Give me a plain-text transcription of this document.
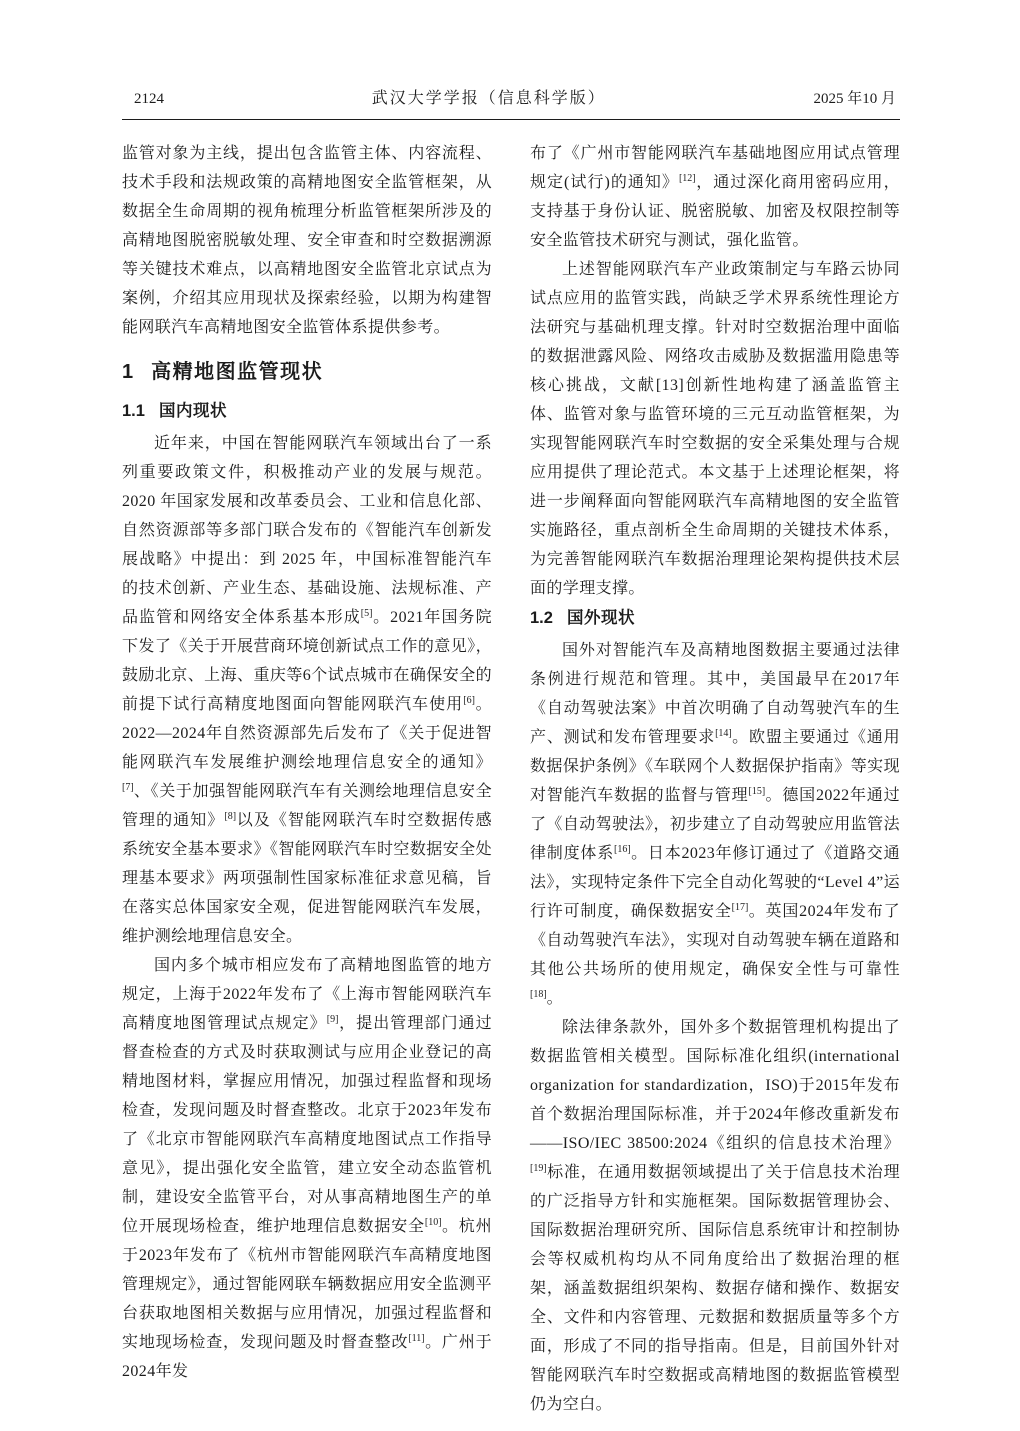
2124	武汉大学学报（信息科学版）	2025 年10 月

监管对象为主线，提出包含监管主体、内容流程、技术手段和法规政策的高精地图安全监管框架，从数据全生命周期的视角梳理分析监管框架所涉及的高精地图脱密脱敏处理、安全审查和时空数据溯源等关键技术难点，以高精地图安全监管北京试点为案例，介绍其应用现状及探索经验，以期为构建智能网联汽车高精地图安全监管体系提供参考。

1 高精地图监管现状
1.1 国内现状

近年来，中国在智能网联汽车领域出台了一系列重要政策文件，积极推动产业的发展与规范。2020 年国家发展和改革委员会、工业和信息化部、自然资源部等多部门联合发布的《智能汽车创新发展战略》中提出：到 2025 年，中国标准智能汽车的技术创新、产业生态、基础设施、法规标准、产品监管和网络安全体系基本形成[5]。2021年国务院下发了《关于开展营商环境创新试点工作的意见》，鼓励北京、上海、重庆等6个试点城市在确保安全的前提下试行高精度地图面向智能网联汽车使用[6]。2022—2024年自然资源部先后发布了《关于促进智能网联汽车发展维护测绘地理信息安全的通知》[7]、《关于加强智能网联汽车有关测绘地理信息安全管理的通知》[8]以及《智能网联汽车时空数据传感系统安全基本要求》《智能网联汽车时空数据安全处理基本要求》两项强制性国家标准征求意见稿，旨在落实总体国家安全观，促进智能网联汽车发展，维护测绘地理信息安全。

国内多个城市相应发布了高精地图监管的地方规定，上海于2022年发布了《上海市智能网联汽车高精度地图管理试点规定》[9]，提出管理部门通过督查检查的方式及时获取测试与应用企业登记的高精地图材料，掌握应用情况，加强过程监督和现场检查，发现问题及时督查整改。北京于2023年发布了《北京市智能网联汽车高精度地图试点工作指导意见》，提出强化安全监管，建立安全动态监管机制，建设安全监管平台，对从事高精地图生产的单位开展现场检查，维护地理信息数据安全[10]。杭州于2023年发布了《杭州市智能网联汽车高精度地图管理规定》，通过智能网联车辆数据应用安全监测平台获取地图相关数据与应用情况，加强过程监督和实地现场检查，发现问题及时督查整改[11]。广州于2024年发

布了《广州市智能网联汽车基础地图应用试点管理规定(试行)的通知》[12]，通过深化商用密码应用，支持基于身份认证、脱密脱敏、加密及权限控制等安全监管技术研究与测试，强化监管。

上述智能网联汽车产业政策制定与车路云协同试点应用的监管实践，尚缺乏学术界系统性理论方法研究与基础机理支撑。针对时空数据治理中面临的数据泄露风险、网络攻击威胁及数据滥用隐患等核心挑战，文献[13]创新性地构建了涵盖监管主体、监管对象与监管环境的三元互动监管框架，为实现智能网联汽车时空数据的安全采集处理与合规应用提供了理论范式。本文基于上述理论框架，将进一步阐释面向智能网联汽车高精地图的安全监管实施路径，重点剖析全生命周期的关键技术体系，为完善智能网联汽车数据治理理论架构提供技术层面的学理支撑。

1.2 国外现状

国外对智能汽车及高精地图数据主要通过法律条例进行规范和管理。其中，美国最早在2017年《自动驾驶法案》中首次明确了自动驾驶汽车的生产、测试和发布管理要求[14]。欧盟主要通过《通用数据保护条例》《车联网个人数据保护指南》等实现对智能汽车数据的监督与管理[15]。德国2022年通过了《自动驾驶法》，初步建立了自动驾驶应用监管法律制度体系[16]。日本2023年修订通过了《道路交通法》，实现特定条件下完全自动化驾驶的“Level 4”运行许可制度，确保数据安全[17]。英国2024年发布了《自动驾驶汽车法》，实现对自动驾驶车辆在道路和其他公共场所的使用规定，确保安全性与可靠性[18]。

除法律条款外，国外多个数据管理机构提出了数据监管相关模型。国际标准化组织(international organization for standardization，ISO)于2015年发布首个数据治理国际标准，并于2024年修改重新发布——ISO/IEC 38500:2024《组织的信息技术治理》[19]标准，在通用数据领域提出了关于信息技术治理的广泛指导方针和实施框架。国际数据管理协会、国际数据治理研究所、国际信息系统审计和控制协会等权威机构均从不同角度给出了数据治理的框架，涵盖数据组织架构、数据存储和操作、数据安全、文件和内容管理、元数据和数据质量等多个方面，形成了不同的指导指南。但是，目前国外针对智能网联汽车时空数据或高精地图的数据监管模型仍为空白。
